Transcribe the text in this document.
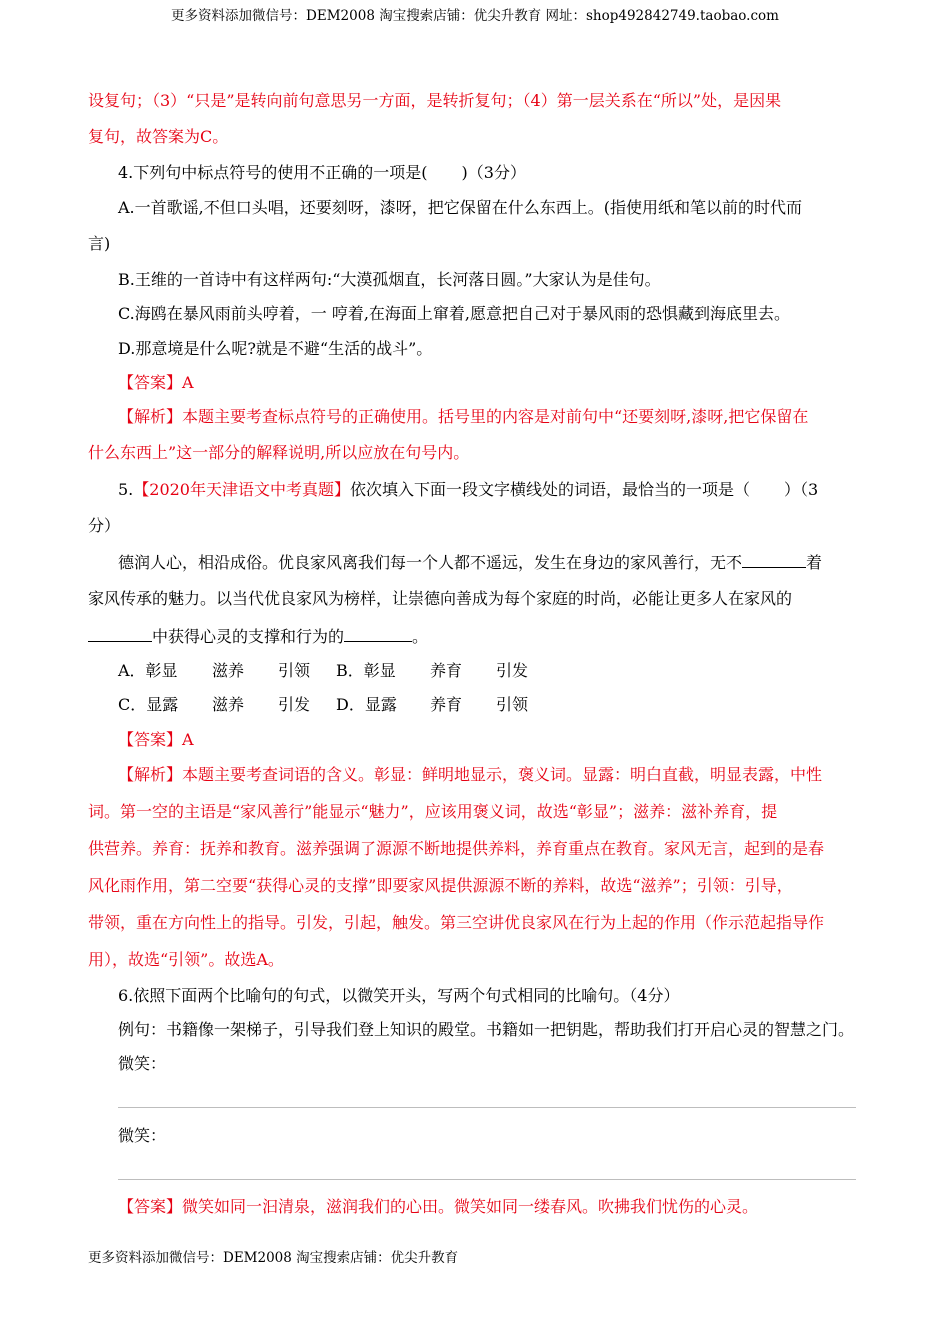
更多资料添加微信号：DEM2008 淘宝搜索店铺：优尖升教育 网址：shop492842749.taobao.com
设复句；（3）“只是”是转向前句意思另一方面，是转折复句；（4）第一层关系在“所以”处，是因果
复句，故答案为C。
4.下列句中标点符号的使用不正确的一项是( )（3分）
A.一首歌谣,不但口头唱，还要刻呀，漆呀，把它保留在什么东西上。(指使用纸和笔以前的时代而
言)
B.王维的一首诗中有这样两句:“大漠孤烟直，长河落日圆。”大家认为是佳句。
C.海鸥在暴风雨前头哼着，一 哼着,在海面上窜着,愿意把自己对于暴风雨的恐惧藏到海底里去。
D.那意境是什么呢?就是不避“生活的战斗”。
【答案】A
【解析】本题主要考查标点符号的正确使用。括号里的内容是对前句中“还要刻呀,漆呀,把它保留在
什么东西上”这一部分的解释说明,所以应放在句号内。
5.【2020年天津语文中考真题】依次填入下面一段文字横线处的词语，最恰当的一项是（ ）（3
分）
德润人心，相沿成俗。优良家风离我们每一个人都不遥远，发生在身边的家风善行，无不	着
家风传承的魅力。以当代优良家风为榜样，让崇德向善成为每个家庭的时尚，必能让更多人在家风的
中获得心灵的支撑和行为的	。
A．彰显 滋养 引领 B．彰显 养育 引发
C．显露 滋养 引发 D．显露 养育 引领
【答案】A
【解析】本题主要考查词语的含义。彰显：鲜明地显示，褒义词。显露：明白直截，明显表露，中性
词。第一空的主语是“家风善行”能显示“魅力”，应该用褒义词，故选“彰显”；滋养：滋补养育，提
供营养。养育：抚养和教育。滋养强调了源源不断地提供养料，养育重点在教育。家风无言，起到的是春
风化雨作用，第二空要“获得心灵的支撑”即要家风提供源源不断的养料，故选“滋养”；引领：引导，
带领，重在方向性上的指导。引发，引起，触发。第三空讲优良家风在行为上起的作用（作示范起指导作
用），故选“引领”。故选A。
6.依照下面两个比喻句的句式，以微笑开头，写两个句式相同的比喻句。（4分）
例句：书籍像一架梯子，引导我们登上知识的殿堂。书籍如一把钥匙，帮助我们打开启心灵的智慧之门。
微笑：
微笑：
【答案】微笑如同一汩清泉，滋润我们的心田。微笑如同一缕春风。吹拂我们忧伤的心灵。
更多资料添加微信号：DEM2008 淘宝搜索店铺：优尖升教育
